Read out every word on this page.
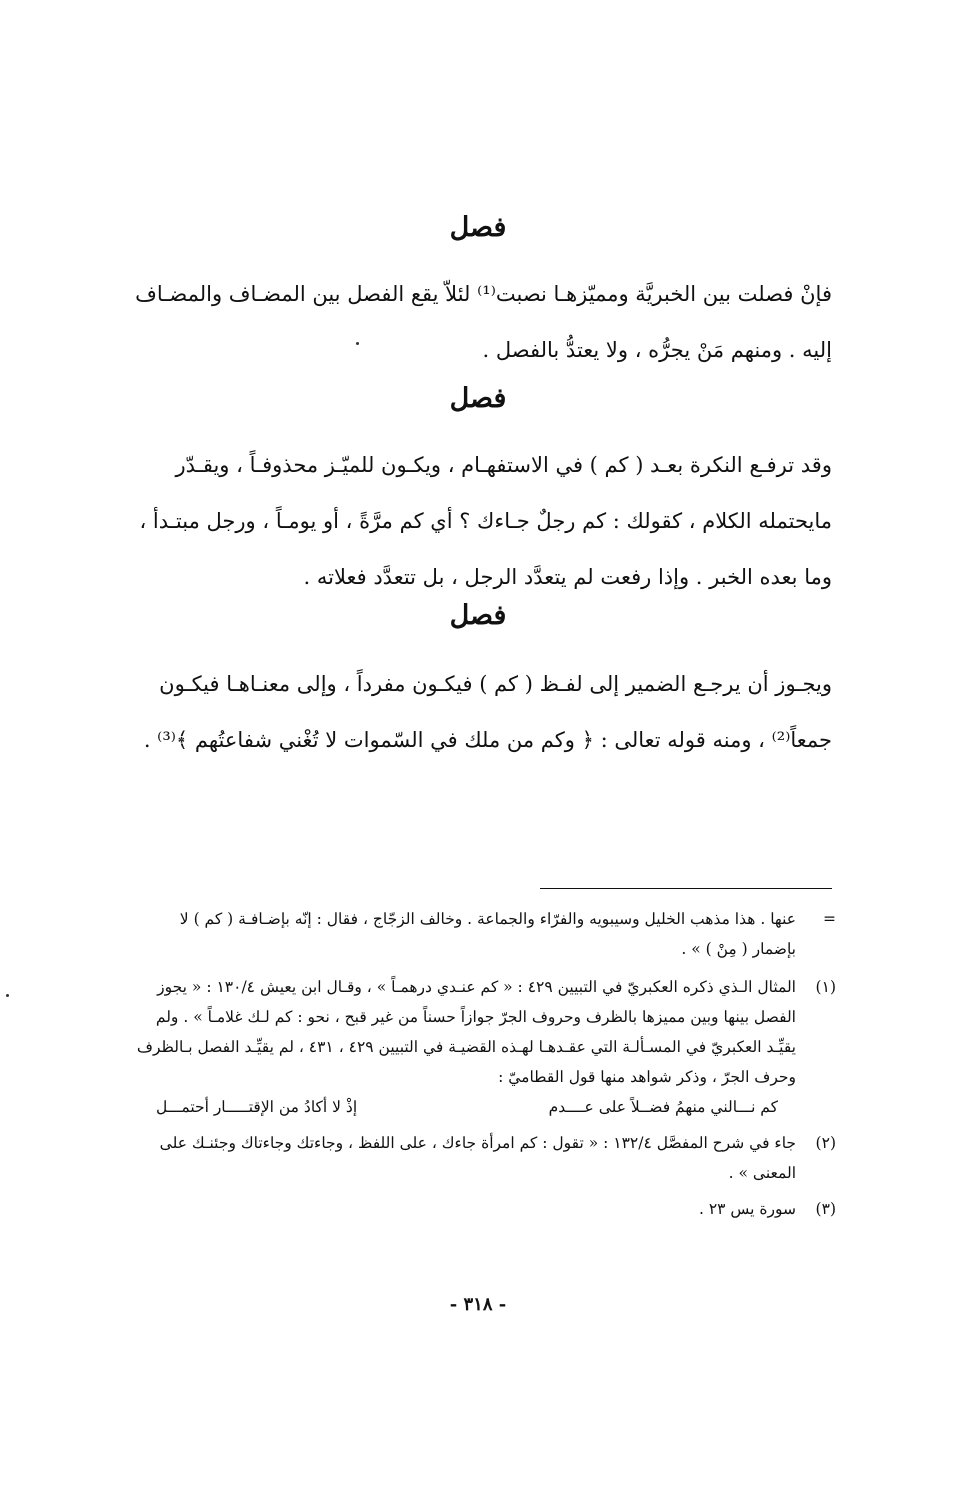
فصل
فإنْ فصلت بين الخبريَّة ومميّزهـا نصبت⁽¹⁾ لئلاّ يقع الفصل بين المضـاف والمضـاف
إليه . ومنهم مَنْ يجرُّه ، ولا يعتدُّ بالفصل .
فصل
وقد ترفـع النكرة بعـد ( كم ) في الاستفهـام ، ويكـون للميّـز محذوفـاً ، ويقـدّر
مايحتمله الكلام ، كقولك : كم رجلٌ جـاءك ؟ أي كم مرَّةً ، أو يومـاً ، ورجل مبتـدأ ،
وما بعده الخبر . وإذا رفعت لم يتعدَّد الرجل ، بل تتعدَّد فعلاته .
فصل
ويجـوز أن يرجـع الضمير إلى لفـظ ( كم ) فيكـون مفرداً ، وإلى معنـاهـا فيكـون
جمعاً⁽²⁾ ، ومنه قوله تعالى : ﴿ وكم من ملك في السّموات لا تُغْني شفاعتُهم ﴾⁽³⁾ .
=
عنها . هذا مذهب الخليل وسيبويه والفرّاء والجماعة . وخالف الزجّاج ، فقال : إنّه بإضـافـة ( كم ) لا
بإضمار ( مِنْ ) » .
(١)
المثال الـذي ذكره العكبريّ في التبيين ٤٢٩ : « كم عنـدي درهمـاً » ، وقـال ابن يعيش ١٣٠/٤ : « يجوز
الفصل بينها وبين مميزها بالظرف وحروف الجرّ جوازاً حسناً من غير قبح ، نحو : كم لـك غلامـاً » . ولم
يقيِّـد العكبريّ في المسـألـة التي عقـدهـا لهـذه القضيـة في التبيين ٤٢٩ ، ٤٣١ ، لم يقيِّـد الفصل بـالظرف
وحرف الجرّ ، وذكر شواهد منها قول القطاميّ :
كم نـــالني منهمُ فضــلاً على عــــدم
إذْ لا أكادُ من الإقتـــــار أحتمـــل
(٢)
جاء في شرح المفصَّل ١٣٢/٤ : « تقول : كم امرأة جاءك ، على اللفظ ، وجاءتك وجاءتاك وجئنـك على
المعنى » .
(٣)
سورة يس ٢٣ .
- ٣١٨ -
